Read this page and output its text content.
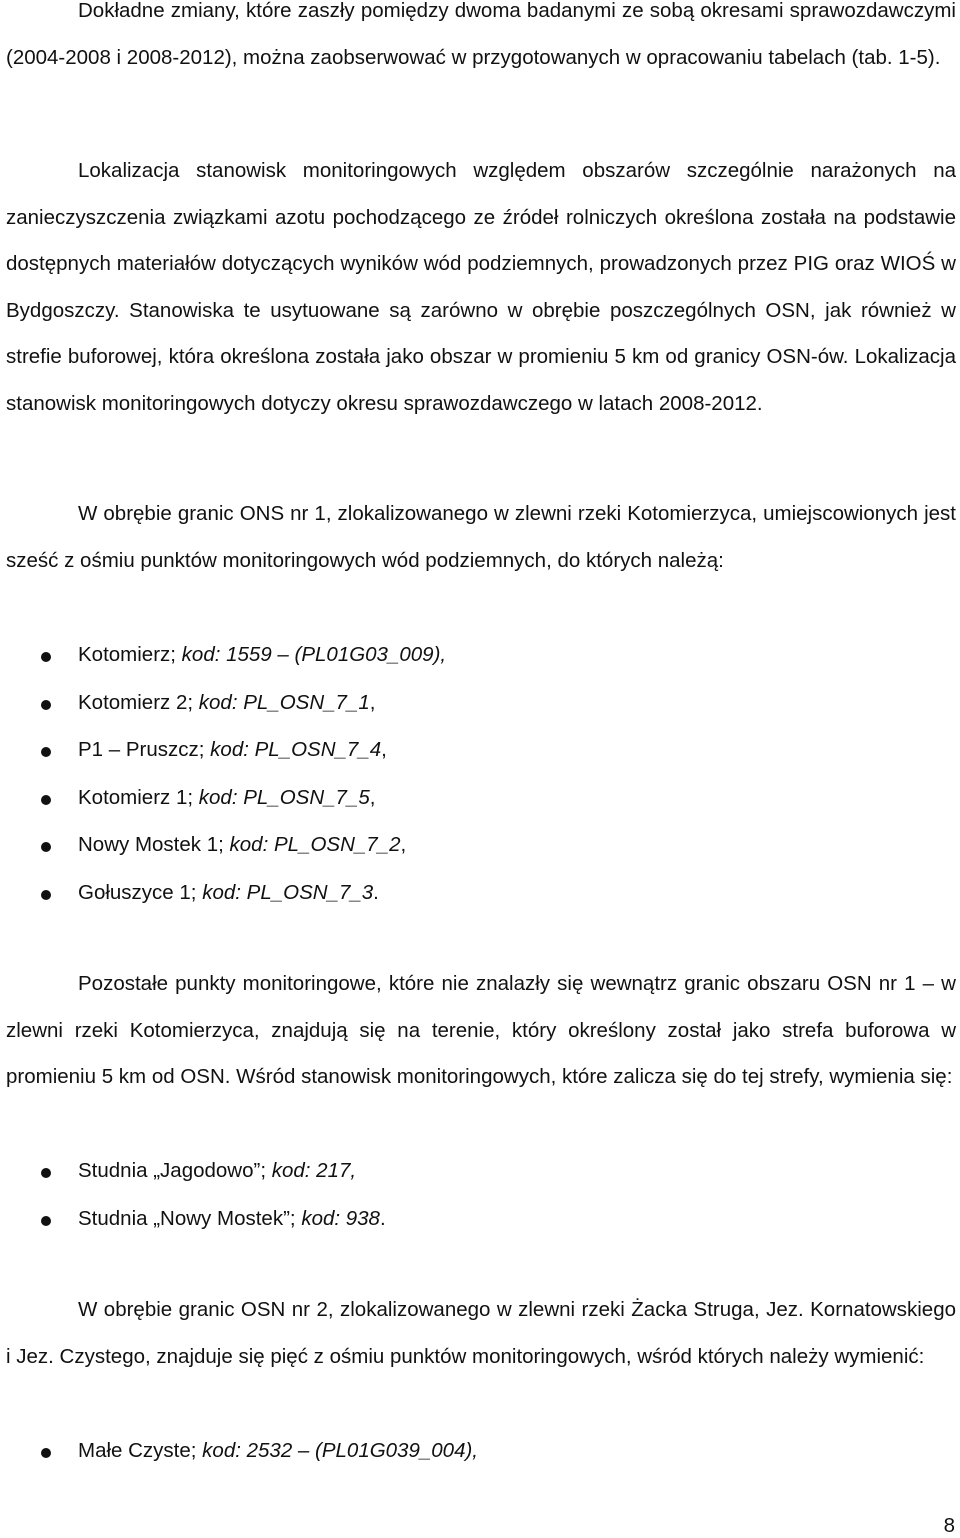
Dokładne zmiany, które zaszły pomiędzy dwoma badanymi ze sobą okresami sprawozdawczymi (2004-2008 i 2008-2012), można zaobserwować w przygotowanych w opracowaniu tabelach (tab. 1-5).

Lokalizacja stanowisk monitoringowych względem obszarów szczególnie narażonych na zanieczyszczenia związkami azotu pochodzącego ze źródeł rolniczych określona została na podstawie dostępnych materiałów dotyczących wyników wód podziemnych, prowadzonych przez PIG oraz WIOŚ w Bydgoszczy. Stanowiska te usytuowane są zarówno w obrębie poszczególnych OSN, jak również w strefie buforowej, która określona została jako obszar w promieniu 5 km od granicy OSN-ów. Lokalizacja stanowisk monitoringowych dotyczy okresu sprawozdawczego w latach 2008-2012.

W obrębie granic ONS nr 1, zlokalizowanego w zlewni rzeki Kotomierzyca, umiejscowionych jest sześć z ośmiu punktów monitoringowych wód podziemnych, do których należą:

Kotomierz; kod: 1559 – (PL01G03_009),
Kotomierz 2; kod: PL_OSN_7_1,
P1 – Pruszcz; kod: PL_OSN_7_4,
Kotomierz 1; kod: PL_OSN_7_5,
Nowy Mostek 1; kod: PL_OSN_7_2,
Gołuszyce 1; kod: PL_OSN_7_3.

Pozostałe punkty monitoringowe, które nie znalazły się wewnątrz granic obszaru OSN nr 1 – w zlewni rzeki Kotomierzyca, znajdują się na terenie, który określony został jako strefa buforowa w promieniu 5 km od OSN. Wśród stanowisk monitoringowych, które zalicza się do tej strefy, wymienia się:

Studnia „Jagodowo”; kod: 217,
Studnia „Nowy Mostek”; kod: 938.

W obrębie granic OSN nr 2, zlokalizowanego w zlewni rzeki Żacka Struga, Jez. Kornatowskiego i Jez. Czystego, znajduje się pięć z ośmiu punktów monitoringowych, wśród których należy wymienić:

Małe Czyste; kod: 2532 – (PL01G039_004),
8
